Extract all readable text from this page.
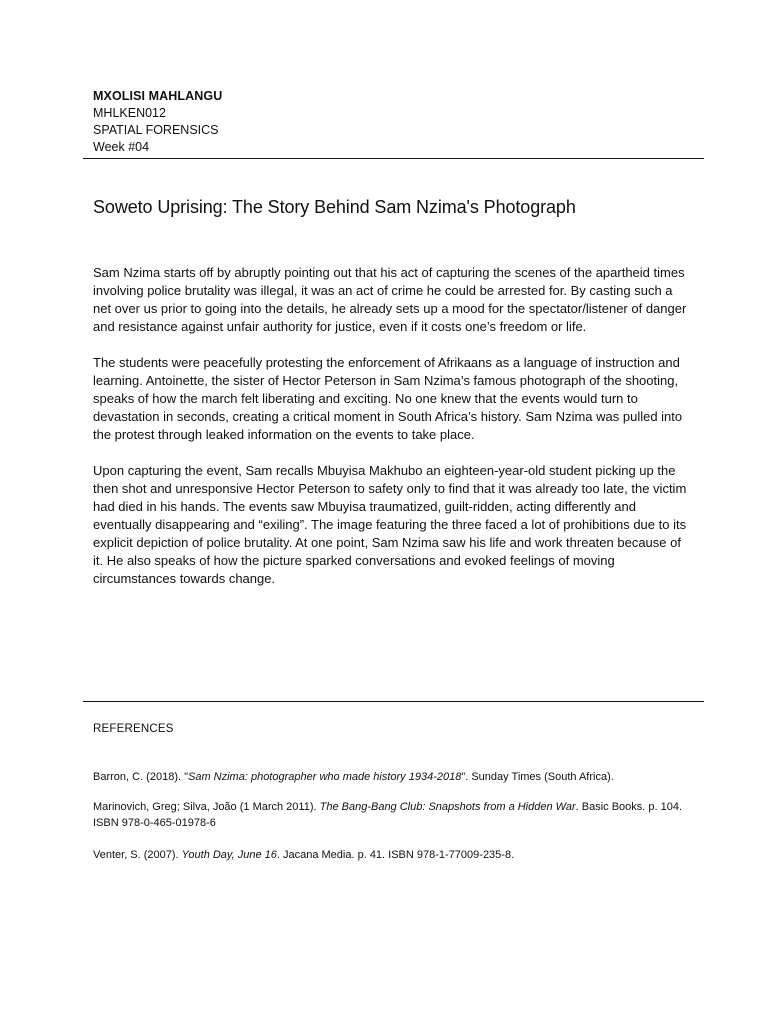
MXOLISI MAHLANGU
MHLKEN012
SPATIAL FORENSICS
Week #04
Soweto Uprising: The Story Behind Sam Nzima's Photograph

Sam Nzima starts off by abruptly pointing out that his act of capturing the scenes of the apartheid times involving police brutality was illegal, it was an act of crime he could be arrested for. By casting such a net over us prior to going into the details, he already sets up a mood for the spectator/listener of danger and resistance against unfair authority for justice, even if it costs one’s freedom or life.

The students were peacefully protesting the enforcement of Afrikaans as a language of instruction and learning. Antoinette, the sister of Hector Peterson in Sam Nzima’s famous photograph of the shooting, speaks of how the march felt liberating and exciting. No one knew that the events would turn to devastation in seconds, creating a critical moment in South Africa’s history. Sam Nzima was pulled into the protest through leaked information on the events to take place.

Upon capturing the event, Sam recalls Mbuyisa Makhubo an eighteen-year-old student picking up the then shot and unresponsive Hector Peterson to safety only to find that it was already too late, the victim had died in his hands. The events saw Mbuyisa traumatized, guilt-ridden, acting differently and eventually disappearing and “exiling”. The image featuring the three faced a lot of prohibitions due to its explicit depiction of police brutality. At one point, Sam Nzima saw his life and work threaten because of it. He also speaks of how the picture sparked conversations and evoked feelings of moving circumstances towards change.

REFERENCES
Barron, C. (2018). "Sam Nzima: photographer who made history 1934-2018". Sunday Times (South Africa).
Marinovich, Greg; Silva, João (1 March 2011). The Bang-Bang Club: Snapshots from a Hidden War. Basic Books. p. 104. ISBN 978-0-465-01978-6
Venter, S. (2007). Youth Day, June 16. Jacana Media. p. 41. ISBN 978-1-77009-235-8.
